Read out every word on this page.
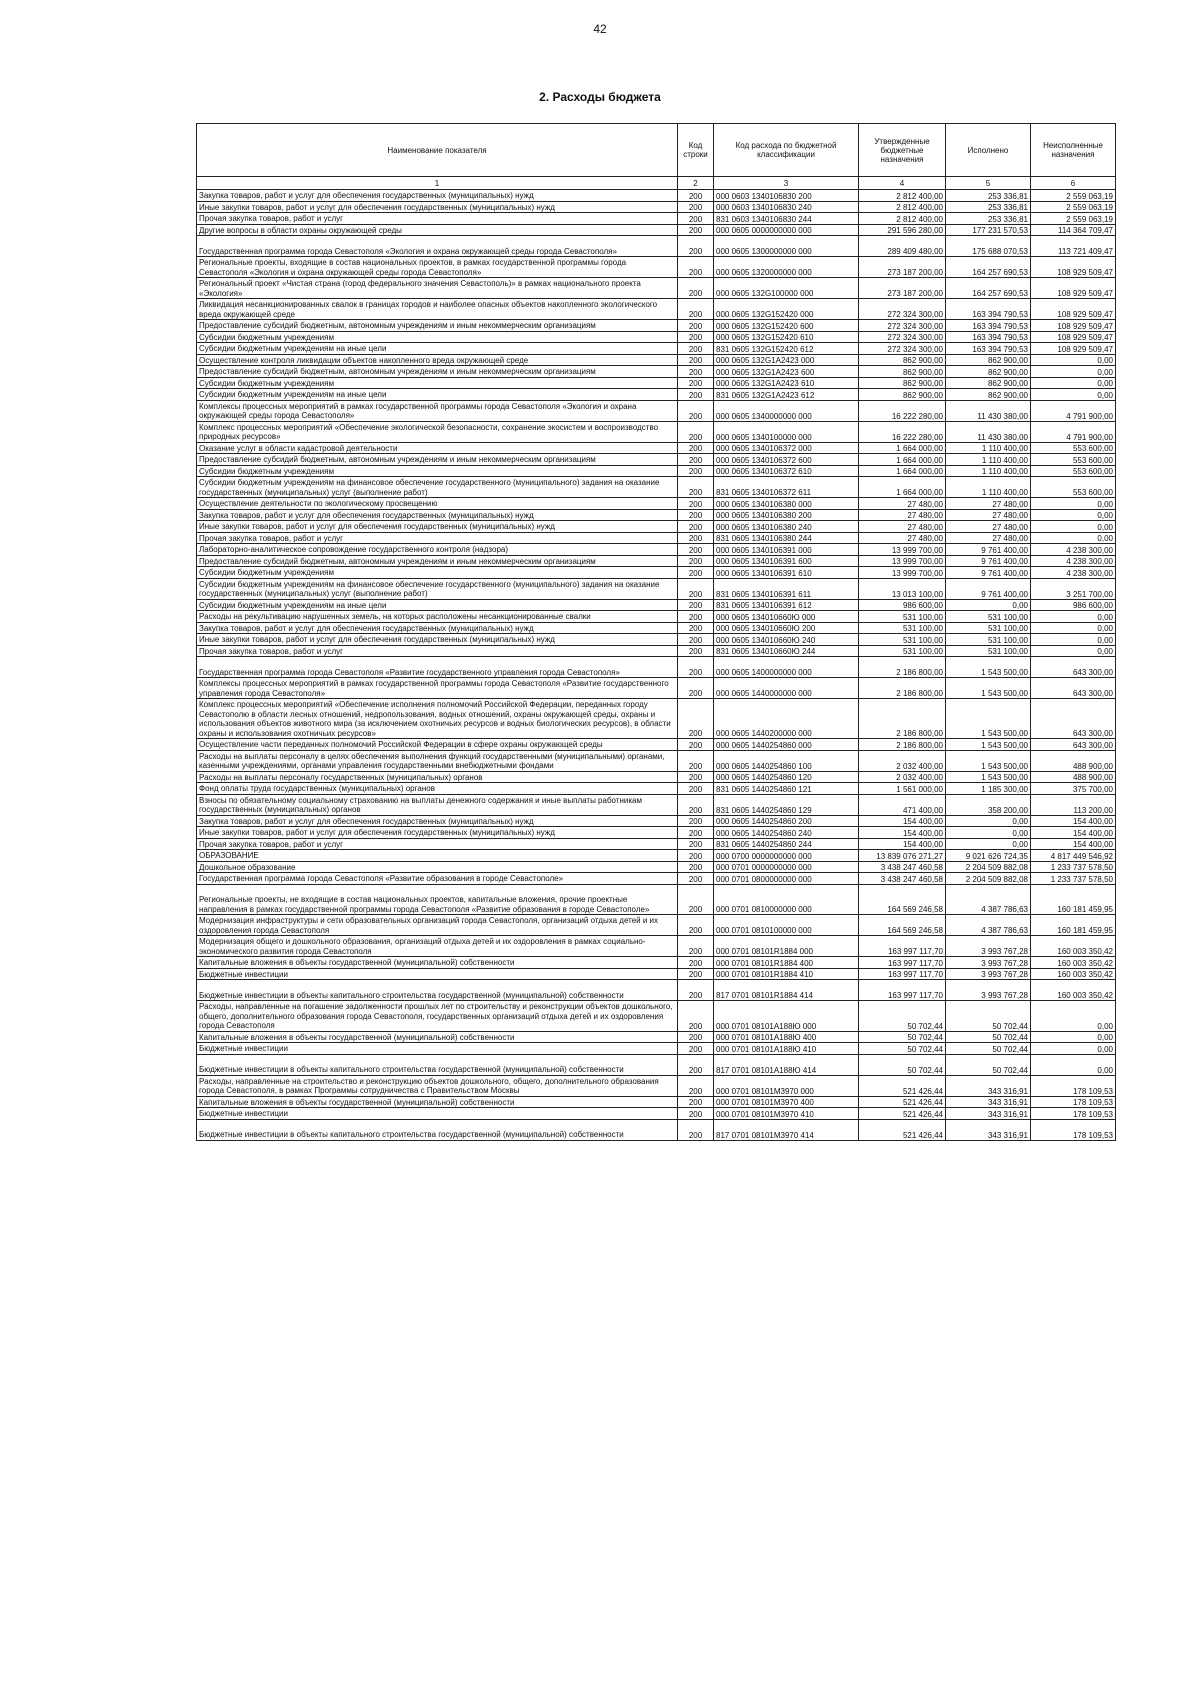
42
2. Расходы бюджета
Наименование показателя	Код строки	Код расхода по бюджетной классификации	Утвержденные бюджетные назначения	Исполнено	Неисполненные назначения
1	2	3	4	5	6
Закупка товаров, работ и услуг для обеспечения государственных (муниципальных) нужд	200	000 0603 1340106830 200	2 812 400,00	253 336,81	2 559 063,19
Иные закупки товаров, работ и услуг для обеспечения государственных (муниципальных) нужд	200	000 0603 1340106830 240	2 812 400,00	253 336,81	2 559 063,19
Прочая закупка товаров, работ и услуг	200	831 0603 1340106830 244	2 812 400,00	253 336,81	2 559 063,19
Другие вопросы в области охраны окружающей среды	200	000 0605 0000000000 000	291 596 280,00	177 231 570,53	114 364 709,47
Государственная программа города Севастополя «Экология и охрана окружающей среды города Севастополя»	200	000 0605 1300000000 000	289 409 480,00	175 688 070,53	113 721 409,47
Региональные проекты, входящие в состав национальных проектов, в рамках государственной программы города Севастополя «Экология и охрана окружающей среды города Севастополя»	200	000 0605 1320000000 000	273 187 200,00	164 257 690,53	108 929 509,47
Региональный проект «Чистая страна (город федерального значения Севастополь)» в рамках национального проекта «Экология»	200	000 0605 132G100000 000	273 187 200,00	164 257 690,53	108 929 509,47
Ликвидация несанкционированных свалок в границах городов и наиболее опасных объектов накопленного экологического вреда окружающей среде	200	000 0605 132G152420 000	272 324 300,00	163 394 790,53	108 929 509,47
Предоставление субсидий бюджетным, автономным учреждениям и иным некоммерческим организациям	200	000 0605 132G152420 600	272 324 300,00	163 394 790,53	108 929 509,47
Субсидии бюджетным учреждениям	200	000 0605 132G152420 610	272 324 300,00	163 394 790,53	108 929 509,47
Субсидии бюджетным учреждениям на иные цели	200	831 0605 132G152420 612	272 324 300,00	163 394 790,53	108 929 509,47
Осуществление контроля ликвидации объектов накопленного вреда окружающей среде	200	000 0605 132G1A2423 000	862 900,00	862 900,00	0,00
Предоставление субсидий бюджетным, автономным учреждениям и иным некоммерческим организациям	200	000 0605 132G1A2423 600	862 900,00	862 900,00	0,00
Субсидии бюджетным учреждениям	200	000 0605 132G1A2423 610	862 900,00	862 900,00	0,00
Субсидии бюджетным учреждениям на иные цели	200	831 0605 132G1A2423 612	862 900,00	862 900,00	0,00
Комплексы процессных мероприятий в рамках государственной программы города Севастополя «Экология и охрана окружающей среды города Севастополя»	200	000 0605 1340000000 000	16 222 280,00	11 430 380,00	4 791 900,00
Комплекс процессных мероприятий «Обеспечение экологической безопасности, сохранение экосистем и воспроизводство природных ресурсов»	200	000 0605 1340100000 000	16 222 280,00	11 430 380,00	4 791 900,00
Оказание услуг в области кадастровой деятельности	200	000 0605 1340106372 000	1 664 000,00	1 110 400,00	553 600,00
Предоставление субсидий бюджетным, автономным учреждениям и иным некоммерческим организациям	200	000 0605 1340106372 600	1 664 000,00	1 110 400,00	553 600,00
Субсидии бюджетным учреждениям	200	000 0605 1340106372 610	1 664 000,00	1 110 400,00	553 600,00
Субсидии бюджетным учреждениям на финансовое обеспечение государственного (муниципального) задания на оказание государственных (муниципальных) услуг (выполнение работ)	200	831 0605 1340106372 611	1 664 000,00	1 110 400,00	553 600,00
Осуществление деятельности по экологическому просвещению	200	000 0605 1340106380 000	27 480,00	27 480,00	0,00
Закупка товаров, работ и услуг для обеспечения государственных (муниципальных) нужд	200	000 0605 1340106380 200	27 480,00	27 480,00	0,00
Иные закупки товаров, работ и услуг для обеспечения государственных (муниципальных) нужд	200	000 0605 1340106380 240	27 480,00	27 480,00	0,00
Прочая закупка товаров, работ и услуг	200	831 0605 1340106380 244	27 480,00	27 480,00	0,00
Лабораторно-аналитическое сопровождение государственного контроля (надзора)	200	000 0605 1340106391 000	13 999 700,00	9 761 400,00	4 238 300,00
Предоставление субсидий бюджетным, автономным учреждениям и иным некоммерческим организациям	200	000 0605 1340106391 600	13 999 700,00	9 761 400,00	4 238 300,00
Субсидии бюджетным учреждениям	200	000 0605 1340106391 610	13 999 700,00	9 761 400,00	4 238 300,00
Субсидии бюджетным учреждениям на финансовое обеспечение государственного (муниципального) задания на оказание государственных (муниципальных) услуг (выполнение работ)	200	831 0605 1340106391 611	13 013 100,00	9 761 400,00	3 251 700,00
Субсидии бюджетным учреждениям на иные цели	200	831 0605 1340106391 612	986 600,00	0,00	986 600,00
Расходы на рекультивацию нарушенных земель, на которых расположены несанкционированные свалки	200	000 0605 134010660Ю 000	531 100,00	531 100,00	0,00
Закупка товаров, работ и услуг для обеспечения государственных (муниципальных) нужд	200	000 0605 134010660Ю 200	531 100,00	531 100,00	0,00
Иные закупки товаров, работ и услуг для обеспечения государственных (муниципальных) нужд	200	000 0605 134010660Ю 240	531 100,00	531 100,00	0,00
Прочая закупка товаров, работ и услуг	200	831 0605 134010660Ю 244	531 100,00	531 100,00	0,00
Государственная программа города Севастополя «Развитие государственного управления города Севастополя»	200	000 0605 1400000000 000	2 186 800,00	1 543 500,00	643 300,00
Комплексы процессных мероприятий в рамках государственной программы города Севастополя «Развитие государственного управления города Севастополя»	200	000 0605 1440000000 000	2 186 800,00	1 543 500,00	643 300,00
Комплекс процессных мероприятий «Обеспечение исполнения полномочий Российской Федерации, переданных городу Севастополю в области лесных отношений, недропользования, водных отношений, охраны окружающей среды, охраны и использования объектов животного мира (за исключением охотничьих ресурсов и водных биологических ресурсов), в области охраны и использования охотничьих ресурсов»	200	000 0605 1440200000 000	2 186 800,00	1 543 500,00	643 300,00
Осуществление части переданных полномочий Российской Федерации в сфере охраны окружающей среды	200	000 0605 1440254860 000	2 186 800,00	1 543 500,00	643 300,00
Расходы на выплаты персоналу в целях обеспечения выполнения функций государственными (муниципальными) органами, казенными учреждениями, органами управления государственными внебюджетными фондами	200	000 0605 1440254860 100	2 032 400,00	1 543 500,00	488 900,00
Расходы на выплаты персоналу государственных (муниципальных) органов	200	000 0605 1440254860 120	2 032 400,00	1 543 500,00	488 900,00
Фонд оплаты труда государственных (муниципальных) органов	200	831 0605 1440254860 121	1 561 000,00	1 185 300,00	375 700,00
Взносы по обязательному социальному страхованию на выплаты денежного содержания и иные выплаты работникам государственных (муниципальных) органов	200	831 0605 1440254860 129	471 400,00	358 200,00	113 200,00
Закупка товаров, работ и услуг для обеспечения государственных (муниципальных) нужд	200	000 0605 1440254860 200	154 400,00	0,00	154 400,00
Иные закупки товаров, работ и услуг для обеспечения государственных (муниципальных) нужд	200	000 0605 1440254860 240	154 400,00	0,00	154 400,00
Прочая закупка товаров, работ и услуг	200	831 0605 1440254860 244	154 400,00	0,00	154 400,00
ОБРАЗОВАНИЕ	200	000 0700 0000000000 000	13 839 076 271,27	9 021 626 724,35	4 817 449 546,92
Дошкольное образование	200	000 0701 0000000000 000	3 438 247 460,58	2 204 509 882,08	1 233 737 578,50
Государственная программа города Севастополя «Развитие образования в городе Севастополе»	200	000 0701 0800000000 000	3 438 247 460,58	2 204 509 882,08	1 233 737 578,50
Региональные проекты, не входящие в состав национальных проектов, капитальные вложения, прочие проектные направления в рамках государственной программы города Севастополя «Развитие образования в городе Севастополе»	200	000 0701 0810000000 000	164 569 246,58	4 387 786,63	160 181 459,95
Модернизация инфраструктуры и сети образовательных организаций города Севастополя, организаций отдыха детей и их оздоровления города Севастополя	200	000 0701 0810100000 000	164 569 246,58	4 387 786,63	160 181 459,95
Модернизация общего и дошкольного образования, организаций отдыха детей и их оздоровления в рамках социально-экономического развития города Севастополя	200	000 0701 08101R1884 000	163 997 117,70	3 993 767,28	160 003 350,42
Капитальные вложения в объекты государственной (муниципальной) собственности	200	000 0701 08101R1884 400	163 997 117,70	3 993 767,28	160 003 350,42
Бюджетные инвестиции	200	000 0701 08101R1884 410	163 997 117,70	3 993 767,28	160 003 350,42
Бюджетные инвестиции в объекты капитального строительства государственной (муниципальной) собственности	200	817 0701 08101R1884 414	163 997 117,70	3 993 767,28	160 003 350,42
Расходы, направленные на погашение задолженности прошлых лет по строительству и реконструкции объектов дошкольного, общего, дополнительного образования города Севастополя, государственных организаций отдыха детей и их оздоровления города Севастополя	200	000 0701 08101A188Ю 000	50 702,44	50 702,44	0,00
Капитальные вложения в объекты государственной (муниципальной) собственности	200	000 0701 08101A188Ю 400	50 702,44	50 702,44	0,00
Бюджетные инвестиции	200	000 0701 08101A188Ю 410	50 702,44	50 702,44	0,00
Бюджетные инвестиции в объекты капитального строительства государственной (муниципальной) собственности	200	817 0701 08101A188Ю 414	50 702,44	50 702,44	0,00
Расходы, направленные на строительство и реконструкцию объектов дошкольного, общего, дополнительного образования города Севастополя, в рамках Программы сотрудничества с Правительством Москвы	200	000 0701 08101M3970 000	521 426,44	343 316,91	178 109,53
Капитальные вложения в объекты государственной (муниципальной) собственности	200	000 0701 08101M3970 400	521 426,44	343 316,91	178 109,53
Бюджетные инвестиции	200	000 0701 08101M3970 410	521 426,44	343 316,91	178 109,53
Бюджетные инвестиции в объекты капитального строительства государственной (муниципальной) собственности	200	817 0701 08101M3970 414	521 426,44	343 316,91	178 109,53
